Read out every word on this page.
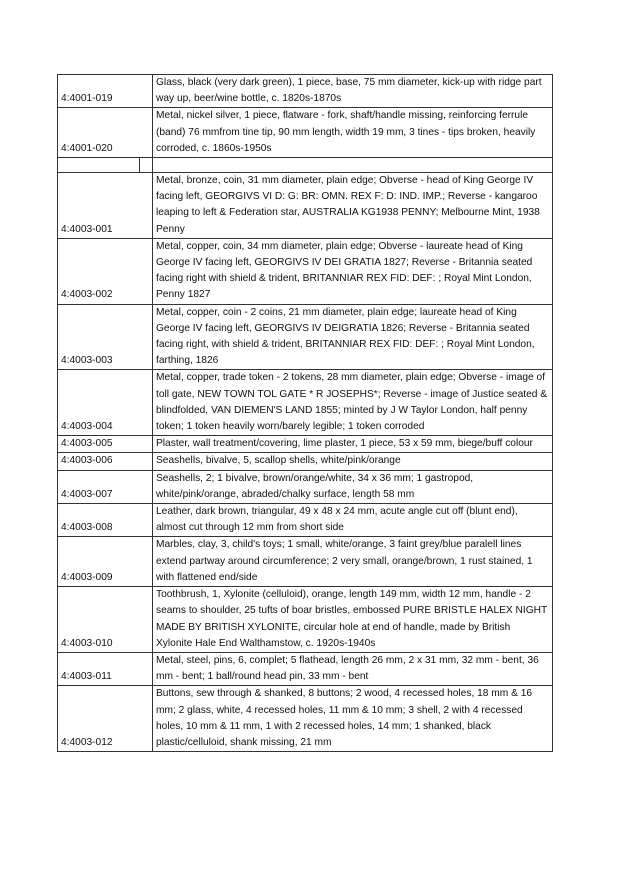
4:4001-019	Glass, black (very dark green), 1 piece, base, 75 mm diameter, kick-up with ridge part way up, beer/wine bottle, c. 1820s-1870s
4:4001-020	Metal, nickel silver, 1 piece, flatware - fork, shaft/handle missing, reinforcing ferrule (band) 76 mmfrom tine tip, 90 mm length, width 19 mm, 3 tines - tips broken, heavily corroded, c. 1860s-1950s

4:4003-001	Metal, bronze, coin, 31 mm diameter, plain edge; Obverse - head of King George IV facing left, GEORGIVS VI D: G: BR: OMN. REX F: D: IND. IMP.; Reverse - kangaroo leaping to left & Federation star, AUSTRALIA KG1938 PENNY; Melbourne Mint, 1938 Penny
4:4003-002	Metal, copper, coin, 34 mm diameter, plain edge; Obverse - laureate head of King George IV facing left, GEORGIVS IV DEI GRATIA 1827; Reverse - Britannia seated facing right with shield & trident, BRITANNIAR REX FID: DEF: ; Royal Mint London, Penny 1827
4:4003-003	Metal, copper, coin - 2 coins, 21 mm diameter, plain edge; laureate head of King George IV facing left, GEORGIVS IV DEIGRATIA 1826; Reverse - Britannia seated facing right, with shield & trident, BRITANNIAR REX FID: DEF: ; Royal Mint London, farthing, 1826
4:4003-004	Metal, copper, trade token - 2 tokens, 28 mm diameter, plain edge; Obverse - image of toll gate, NEW TOWN TOL GATE * R JOSEPHS*; Reverse - image of Justice seated & blindfolded, VAN DIEMEN'S LAND 1855; minted by J W Taylor London, half penny token; 1 token heavily worn/barely legible; 1 token corroded
4:4003-005	Plaster, wall treatment/covering, lime plaster, 1 piece, 53 x 59 mm, biege/buff colour
4:4003-006	Seashells, bivalve, 5, scallop shells, white/pink/orange
4:4003-007	Seashells, 2; 1 bivalve, brown/orange/white, 34 x 36 mm; 1 gastropod, white/pink/orange, abraded/chalky surface, length 58 mm
4:4003-008	Leather, dark brown, triangular, 49 x 48 x 24 mm, acute angle cut off (blunt end), almost cut through 12 mm from short side
4:4003-009	Marbles, clay, 3, child's toys; 1 small, white/orange, 3 faint grey/blue paralell lines extend partway around circumference; 2 very small, orange/brown, 1 rust stained, 1 with flattened end/side
4:4003-010	Toothbrush, 1, Xylonite (celluloid), orange, length 149 mm, width 12 mm, handle - 2 seams to shoulder, 25 tufts of boar bristles, embossed PURE BRISTLE HALEX NIGHT MADE BY BRITISH XYLONITE, circular hole at end of handle, made by British Xylonite Hale End Walthamstow, c. 1920s-1940s
4:4003-011	Metal, steel, pins, 6, complet; 5 flathead, length 26 mm, 2 x 31 mm, 32 mm - bent, 36 mm - bent; 1 ball/round head pin, 33 mm - bent
4:4003-012	Buttons, sew through & shanked, 8 buttons; 2 wood, 4 recessed holes, 18 mm & 16 mm; 2 glass, white, 4 recessed holes, 11 mm & 10 mm; 3 shell, 2 with 4 recessed holes, 10 mm & 11 mm, 1 with 2 recessed holes, 14 mm; 1 shanked, black plastic/celluloid, shank missing, 21 mm
